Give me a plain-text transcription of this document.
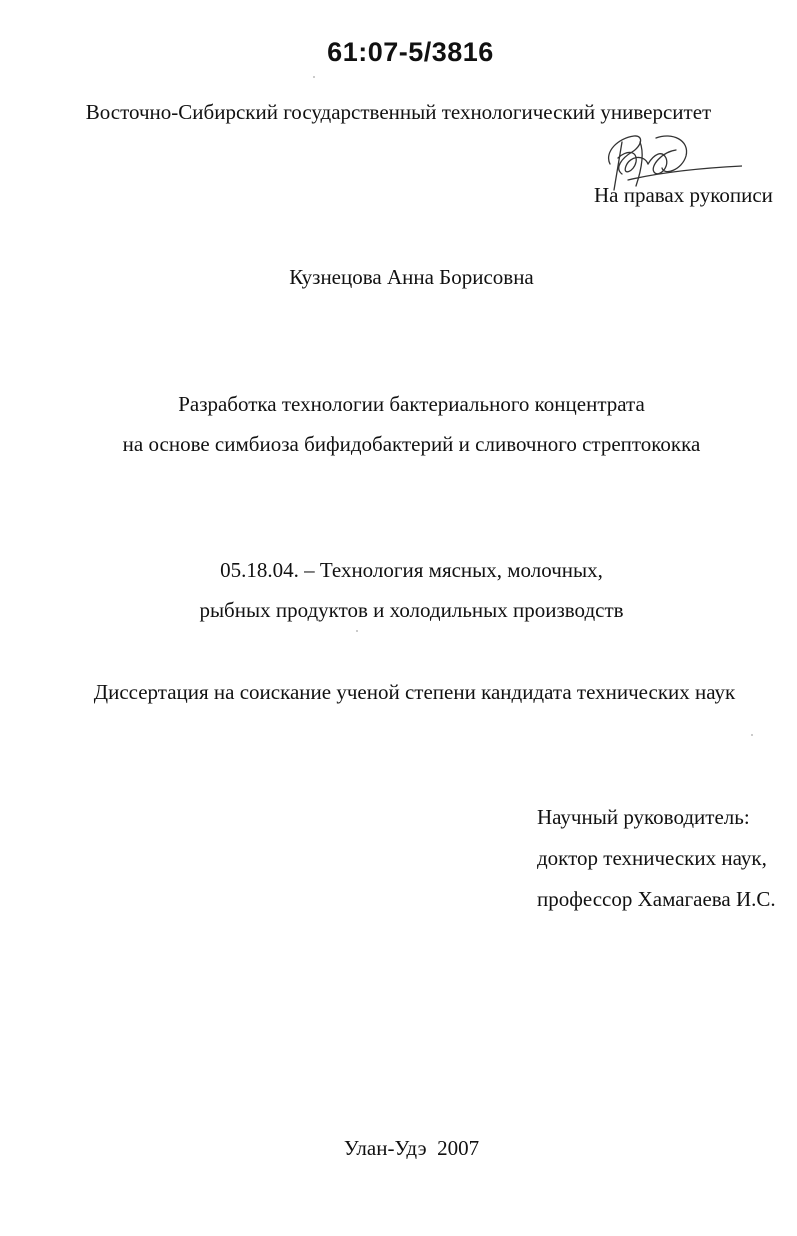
61:07-5/3816
Восточно-Сибирский государственный технологический университет
На правах рукописи
Кузнецова Анна Борисовна
Разработка технологии бактериального концентрата
на основе симбиоза бифидобактерий и сливочного стрептококка
05.18.04. – Технология мясных, молочных,
рыбных продуктов и холодильных производств
Диссертация на соискание ученой степени кандидата технических наук
Научный руководитель:
доктор технических наук,
профессор Хамагаева И.С.
Улан-Удэ  2007
